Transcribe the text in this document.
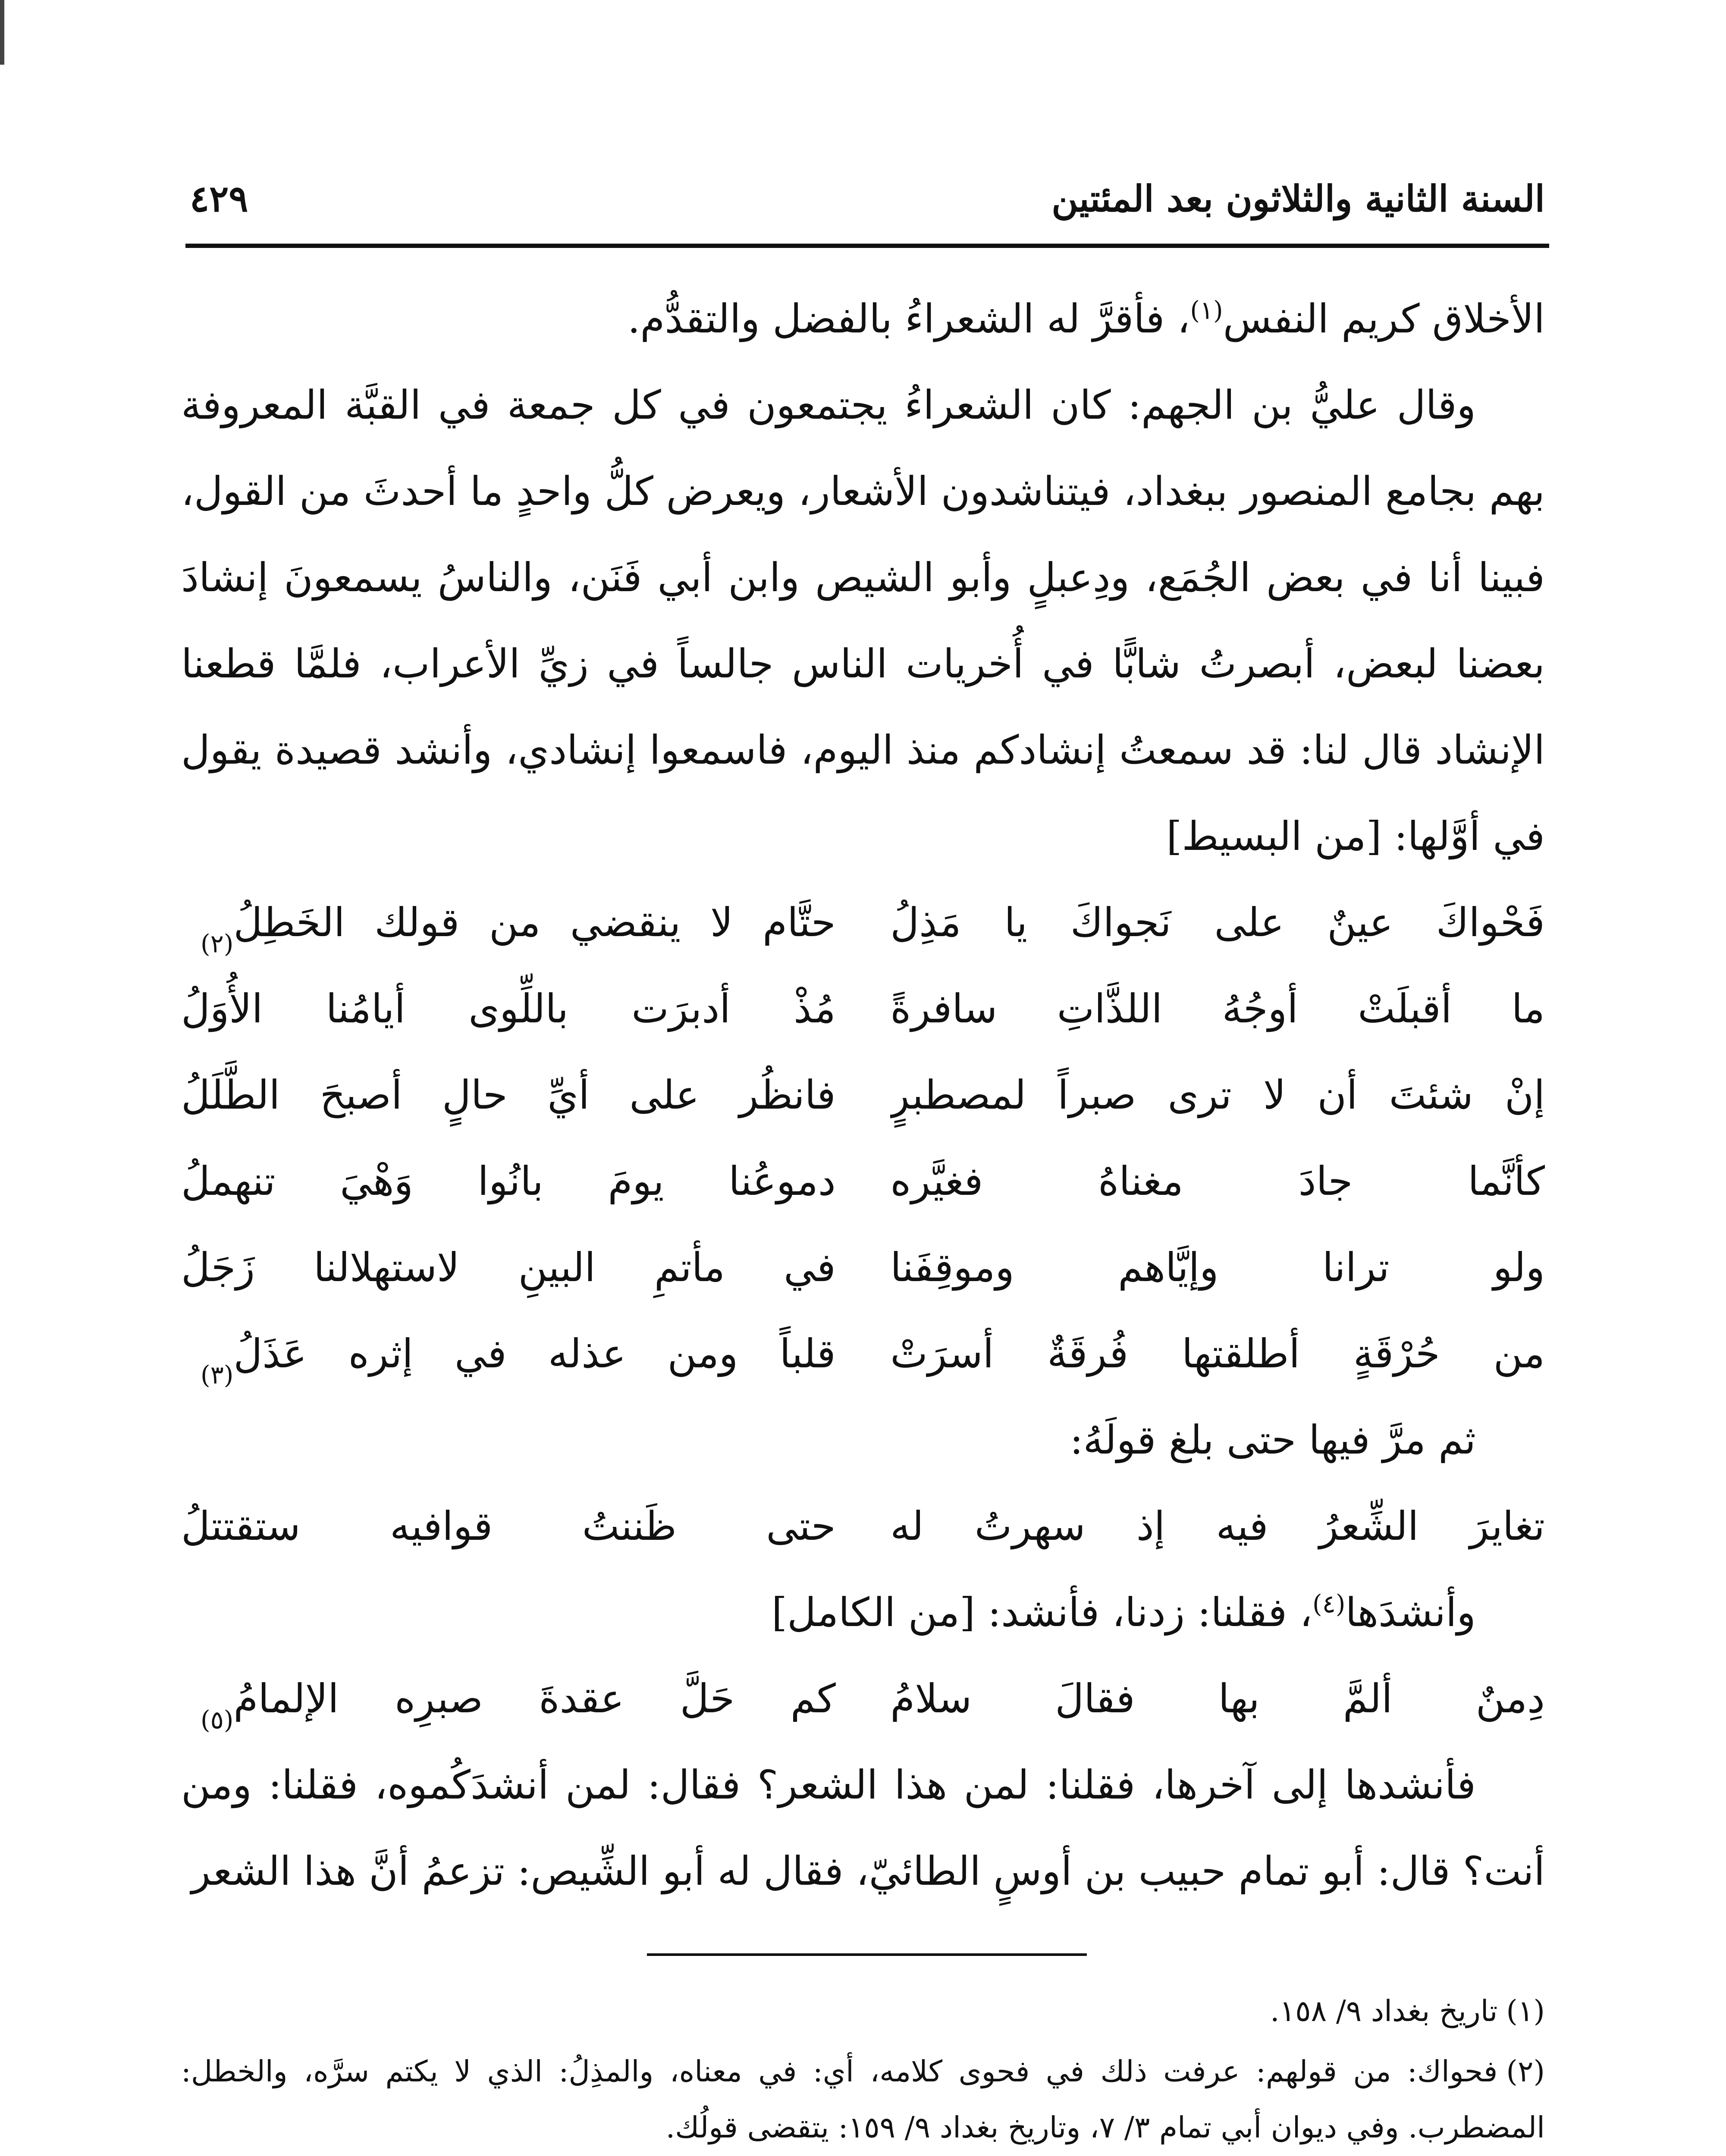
السنة الثانية والثلاثون بعد المئتين
٤٢٩

الأخلاق كريم النفس$^{(١)}$، فأقرَّ له الشعراءُ بالفضل والتقدُّم.

وقال عليُّ بن الجهم: كان الشعراءُ يجتمعون في كل جمعة في القبَّة المعروفة بهم بجامع المنصور ببغداد، فيتناشدون الأشعار، ويعرض كلُّ واحدٍ ما أحدثَ من القول، فبينا أنا في بعض الجُمَع، ودِعبلٍ وأبو الشيص وابن أبي فَنَن، والناسُ يسمعونَ إنشادَ بعضنا لبعض، أبصرتُ شابًّا في أُخريات الناس جالساً في زيِّ الأعراب، فلمَّا قطعنا الإنشاد قال لنا: قد سمعتُ إنشادكم منذ اليوم، فاسمعوا إنشادي، وأنشد قصيدة يقول في أوَّلها: [من البسيط]

فَحْواكَ عينٌ على نَجواكَ يا مَذِلُ
حتَّام لا ينقضي من قولك الخَطِلُ$^{(٢)}$
ما أقبلَتْ أوجُهُ اللذَّاتِ سافرةً
مُذْ أدبرَت باللِّوى أيامُنا الأُوَلُ
إنْ شئتَ أن لا ترى صبراً لمصطبرٍ
فانظُر على أيِّ حالٍ أصبحَ الطَّلَلُ
كأنَّما جادَ مغناهُ فغيَّره
دموعُنا يومَ بانُوا وَهْيَ تنهملُ
ولو ترانا وإيَّاهم وموقِفَنا
في مأتمِ البينِ لاستهلالنا زَجَلُ
من حُرْقَةٍ أطلقتها فُرقَةٌ أسرَتْ
قلباً ومن عذله في إثره عَذَلُ$^{(٣)}$

ثم مرَّ فيها حتى بلغ قولَهُ:

تغايرَ الشِّعرُ فيه إذ سهرتُ له
حتى ظَننتُ قوافيه ستقتتلُ

وأنشدَها$^{(٤)}$، فقلنا: زدنا، فأنشد: [من الكامل]

دِمنٌ ألمَّ بها فقالَ سلامُ
كم حَلَّ عقدةَ صبرِه الإلمامُ$^{(٥)}$

فأنشدها إلى آخرها، فقلنا: لمن هذا الشعر؟ فقال: لمن أنشدَكُموه، فقلنا: ومن أنت؟ قال: أبو تمام حبيب بن أوسٍ الطائيّ، فقال له أبو الشِّيص: تزعمُ أنَّ هذا الشعر

(١)تاريخ بغداد ٩/ ١٥٨.

(٢)فحواك: من قولهم: عرفت ذلك في فحوى كلامه، أي: في معناه، والمذِلُ: الذي لا يكتم سرَّه، والخطل: المضطرب. وفي ديوان أبي تمام ٣/ ٧، وتاريخ بغداد ٩/ ١٥٩: يتقضى قولُك.
